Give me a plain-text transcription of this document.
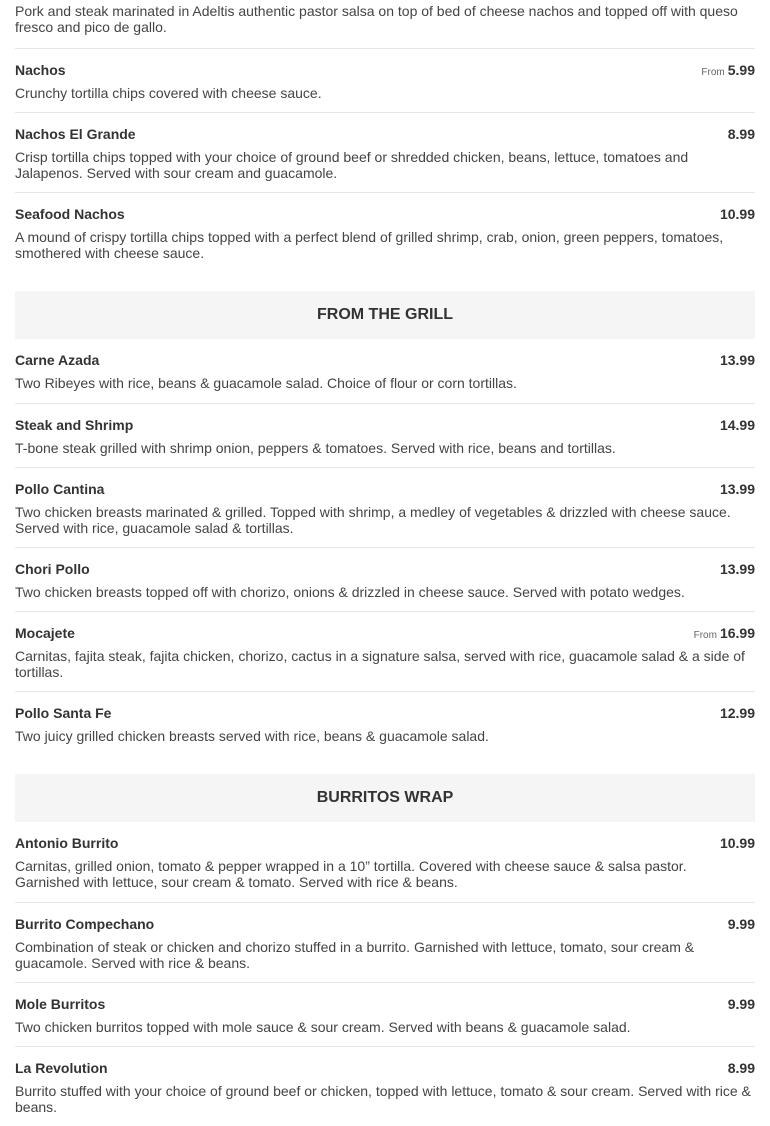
Pork and steak marinated in Adeltis authentic pastor salsa on top of bed of cheese nachos and topped off with queso fresco and pico de gallo.
Nachos	From 5.99
Crunchy tortilla chips covered with cheese sauce.
Nachos El Grande	8.99
Crisp tortilla chips topped with your choice of ground beef or shredded chicken, beans, lettuce, tomatoes and Jalapenos. Served with sour cream and guacamole.
Seafood Nachos	10.99
A mound of crispy tortilla chips topped with a perfect blend of grilled shrimp, crab, onion, green peppers, tomatoes, smothered with cheese sauce.
FROM THE GRILL
Carne Azada	13.99
Two Ribeyes with rice, beans & guacamole salad. Choice of flour or corn tortillas.
Steak and Shrimp	14.99
T-bone steak grilled with shrimp onion, peppers & tomatoes. Served with rice, beans and tortillas.
Pollo Cantina	13.99
Two chicken breasts marinated & grilled. Topped with shrimp, a medley of vegetables & drizzled with cheese sauce. Served with rice, guacamole salad & tortillas.
Chori Pollo	13.99
Two chicken breasts topped off with chorizo, onions & drizzled in cheese sauce. Served with potato wedges.
Mocajete	From 16.99
Carnitas, fajita steak, fajita chicken, chorizo, cactus in a signature salsa, served with rice, guacamole salad & a side of tortillas.
Pollo Santa Fe	12.99
Two juicy grilled chicken breasts served with rice, beans & guacamole salad.
BURRITOS WRAP
Antonio Burrito	10.99
Carnitas, grilled onion, tomato & pepper wrapped in a 10” tortilla. Covered with cheese sauce & salsa pastor. Garnished with lettuce, sour cream & tomato. Served with rice & beans.
Burrito Compechano	9.99
Combination of steak or chicken and chorizo stuffed in a burrito. Garnished with lettuce, tomato, sour cream & guacamole. Served with rice & beans.
Mole Burritos	9.99
Two chicken burritos topped with mole sauce & sour cream. Served with beans & guacamole salad.
La Revolution	8.99
Burrito stuffed with your choice of ground beef or chicken, topped with lettuce, tomato & sour cream. Served with rice & beans.
